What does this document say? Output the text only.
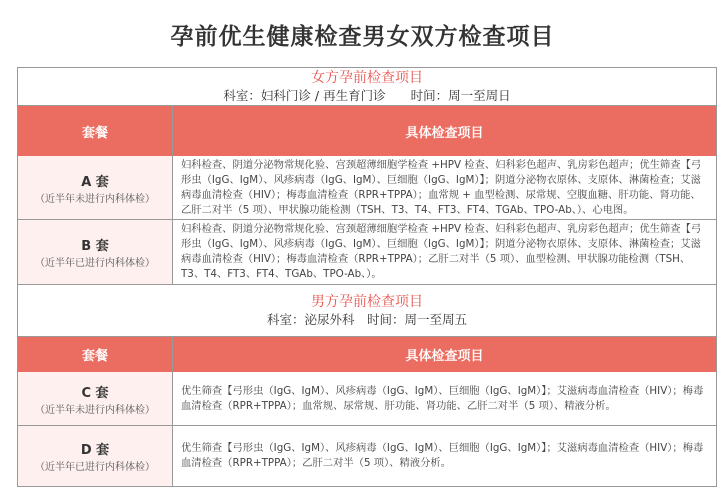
孕前优生健康检查男女双方检查项目
女方孕前检查项目
科室：妇科门诊 / 再生育门诊　　时间：周一至周日
套餐	具体检查项目
A 套
（近半年未进行内科体检）
妇科检查、阴道分泌物常规化验、宫颈超薄细胞学检查 +HPV 检查、妇科彩色超声、乳房彩色超声；优生筛查【弓形虫（IgG、IgM）、风疹病毒（IgG、IgM）、巨细胞（IgG、IgM）】；阴道分泌物衣原体、支原体、淋菌检查；艾滋病毒血清检查（HIV）；梅毒血清检查（RPR+TPPA）；血常规 + 血型检测、尿常规、空腹血糖、肝功能、肾功能、乙肝二对半（5 项）、甲状腺功能检测（TSH、T3、T4、FT3、FT4、TGAb、TPO-Ab、）、心电图。
B 套
（近半年已进行内科体检）
妇科检查、阴道分泌物常规化验、宫颈超薄细胞学检查 +HPV 检查、妇科彩色超声、乳房彩色超声；优生筛查【弓形虫（IgG、IgM）、风疹病毒（IgG、IgM）、巨细胞（IgG、IgM）】；阴道分泌物衣原体、支原体、淋菌检查；艾滋病毒血清检查（HIV）；梅毒血清检查（RPR+TPPA）；乙肝二对半（5 项）、血型检测、甲状腺功能检测（TSH、T3、T4、FT3、FT4、TGAb、TPO-Ab、）。
男方孕前检查项目
科室：泌尿外科　时间：周一至周五
套餐	具体检查项目
C 套
（近半年未进行内科体检）
优生筛查【弓形虫（IgG、IgM）、风疹病毒（IgG、IgM）、巨细胞（IgG、IgM）】；艾滋病毒血清检查（HIV）；梅毒血清检查（RPR+TPPA）；血常规、尿常规、肝功能、肾功能、乙肝二对半（5 项）、精液分析。
D 套
（近半年已进行内科体检）
优生筛查【弓形虫（IgG、IgM）、风疹病毒（IgG、IgM）、巨细胞（IgG、IgM）】；艾滋病毒血清检查（HIV）；梅毒血清检查（RPR+TPPA）；乙肝二对半（5 项）、精液分析。
